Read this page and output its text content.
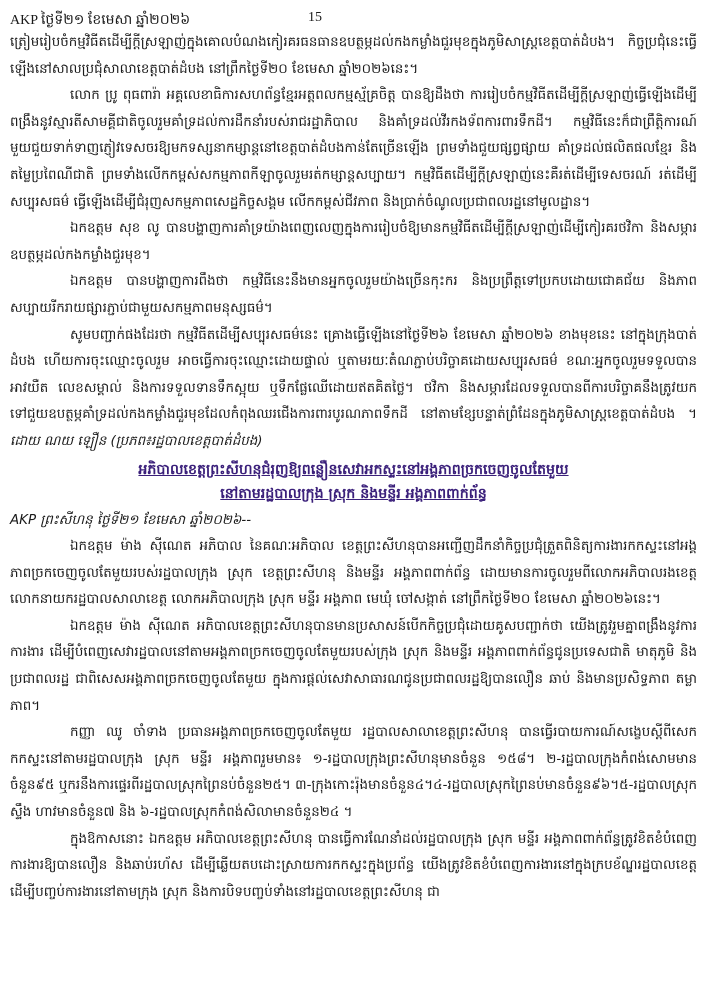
AKP ថ្ងៃទី២១ ខែមេសា ឆ្នាំ២០២៦	15

ត្រៀមរៀបចំកម្មវិធីតដេីម្បីក្ដីស្រឡាញ់ក្នុងគោលបំណងកៀរគរធនធានឧបត្ថម្ភដល់កងកម្លាំងជួរមុខក្នុងភូមិសាស្ត្រខេត្តបាត់ដំបង។ កិច្ចប្រជុំនេះធ្វើឡើងនៅសាលប្រជុំសាលាខេត្តបាត់ដំបង នៅព្រឹកថ្ងៃទី២០ ខែមេសា ឆ្នាំ២០២៦នេះ។

លោក ប្រូ ពុធពារ៉ា អគ្គលេខាធិការសហព័ន្ធខ្មែរអត្តពលកម្មស្ម័គ្រចិត្ត បានឱ្យដឹងថា ការរៀបចំកម្មវិធីតដើម្បីក្ដីស្រឡាញ់ធ្វើឡើងដើម្បីពង្រឹងនូវស្មារតីសាមគ្គីជាតិចូលរួមគាំទ្រដល់ការដឹកនាំរបស់រាជរដ្ឋាភិបាល និងគាំទ្រដល់វីរកងទ័ពការពារទឹកដី។ កម្មវិធីនេះក៏ជាព្រឹត្តិការណ៍មួយជួយទាក់ទាញភ្ញៀវទេសចរឱ្យមកទស្សនាកម្សាន្តនៅខេត្តបាត់ដំបងកាន់តែច្រើនឡើង ព្រមទាំងជួយផ្សព្វផ្សាយ គាំទ្រដល់ផលិតផលខ្មែរ និងតម្លៃប្រពៃណីជាតិ ព្រមទាំងលើកកម្ពស់សកម្មភាពកីឡាចូលរួមរត់កម្សាន្តសប្បាយ។ កម្មវិធីតដើម្បីក្ដីស្រឡាញ់នេះគឺរត់ដើម្បីទេសចរណ៍ រត់ដើម្បីសប្បុរសធម៌ ធ្វើឡើងដើម្បីជំរុញសកម្មភាពសេដ្ឋកិច្ចសង្គម លើកកម្ពស់ជីវភាព និងប្រាក់ចំណូលប្រជាពលរដ្ឋនៅមូលដ្ឋាន។

ឯកឧត្តម សុខ លូ បានបង្ហាញការគាំទ្រយ៉ាងពេញលេញក្នុងការរៀបចំឱ្យមានកម្មវិធីតដើម្បីក្ដីស្រឡាញ់ដើម្បីកៀរគរថវិកា និងសម្ភារឧបត្ថម្ភដល់កងកម្លាំងជួរមុខ។

ឯកឧត្តម បានបង្ហាញការពឹងថា កម្មវិធីនេះនឹងមានអ្នកចូលរួមយ៉ាងច្រើនកុះករ និងប្រព្រឹត្តទៅប្រកបដោយជោគជ័យ និងភាពសប្បាយរីករាយផ្សារភ្ជាប់ជាមួយសកម្មភាពមនុស្សធម៌។

សូមបញ្ជាក់ផងដែរថា កម្មវិធីតដើម្បីសប្បុរសធម៌នេះ គ្រោងធ្វើឡើងនៅថ្ងៃទី២៦ ខែមេសា ឆ្នាំ២០២៦ ខាងមុខនេះ នៅក្នុងក្រុងបាត់ដំបង ហើយការចុះឈ្មោះចូលរួម អាចធ្វើការចុះឈ្មោះដោយផ្ទាល់ ឬតាមរយៈតំណភ្ជាប់បរិច្ចាគដោយសប្បុរសធម៌ ខណៈអ្នកចូលរួមទទួលបានអាវយឺត លេខសម្គាល់ និងការទទួលទានទឹកស្អុយ ឬទឹកផ្លែឈើដោយឥតគិតថ្លៃ។ ថវិកា និងសម្ភារដែលទទួលបានពីការបរិច្ចាគនឹងត្រូវយកទៅជួយឧបត្ថម្ភគាំទ្រដល់កងកម្លាំងជួរមុខដែលកំពុងឈរជើងការពារបូរណភាពទឹកដី នៅតាមខ្សែបន្ទាត់ព្រំដែនក្នុងភូមិសាស្ត្រខេត្តបាត់ដំបង ។ ដោយ ណយ ឡឿន (ប្រភព៖រដ្ឋបាលខេត្តបាត់ដំបង)

អភិបាលខេត្តព្រះសីហនុជំរុញឱ្យពន្លឿនសេវាអកស្ទះនៅអង្គភាពច្រកចេញចូលតែមួយ
នៅតាមរដ្ឋបាលក្រុង ស្រុក និងមន្ទីរ អង្គភាពពាក់ព័ន្ធ

AKP ព្រះសីហនុ ថ្ងៃទី២១ ខែមេសា ឆ្នាំ២០២៦--

ឯកឧត្តម ម៉ាង ស៊ីណេត អភិបាល នៃគណៈអភិបាល ខេត្តព្រះសីហនុបានអញ្ជើញដឹកនាំកិច្ចប្រជុំត្រួតពិនិត្យការងារកកស្ទះនៅអង្គភាពច្រកចេញចូលតែមួយរបស់រដ្ឋបាលក្រុង ស្រុក ខេត្តព្រះសីហនុ និងមន្ទីរ អង្គភាពពាក់ព័ន្ធ ដោយមានការចូលរួមពីលោកអភិបាលរងខេត្ត លោកនាយករដ្ឋបាលសាលាខេត្ត លោកអភិបាលក្រុង ស្រុក មន្ទីរ អង្គភាព មេឃុំ ចៅសង្កាត់ នៅព្រឹកថ្ងៃទី២០ ខែមេសា ឆ្នាំ២០២៦នេះ។

ឯកឧត្តម ម៉ាង ស៊ីណេត អភិបាលខេត្តព្រះសីហនុបានមានប្រសាសន៍បើកកិច្ចប្រជុំដោយគូសបញ្ជាក់ថា យើងត្រូវរួមគ្នាពង្រឹងនូវការការងារ ដើម្បីបំពេញសេវារដ្ឋបាលនៅតាមអង្គភាពច្រកចេញចូលតែមួយរបស់ក្រុង ស្រុក និងមន្ទីរ អង្គភាពពាក់ព័ន្ធជូនប្រទេសជាតិ មាតុភូមិ និងប្រជាពលរដ្ឋ ជាពិសេសអង្គភាពច្រកចេញចូលតែមួយ ក្នុងការផ្ដល់សេវាសាធារណជូនប្រជាពលរដ្ឋឱ្យបានលឿន ឆាប់ និងមានប្រសិទ្ធភាព តម្លាភាព។

កញ្ញា ឈូ ចាំទាង ប្រធានអង្គភាពច្រកចេញចូលតែមួយ រដ្ឋបាលសាលាខេត្តព្រះសីហនុ បានធ្វើរបាយការណ៍សង្ខេបស្ដីពីសេកកកស្ទះនៅតាមរដ្ឋបាលក្រុង ស្រុក មន្ទីរ អង្គភាពរួមមាន៖ ១-រដ្ឋបាលក្រុងព្រះសីហនុមានចំនួន ១៥៨។ ២-រដ្ឋបាលក្រុងកំពង់សោមមានចំនួន៩៥ ឬករនឹងការផ្ទេរពីរដ្ឋបាលស្រុកព្រៃនប់ចំនួន២៥។ ៣-ក្រុងកោះរ៉ុងមានចំនួន៤។៤-រដ្ឋបាលស្រុកព្រៃនប់មានចំនួន៩៦។៥-រដ្ឋបាលស្រុកស្ទឹង ហាវមានចំនួន៧ និង ៦-រដ្ឋបាលស្រុកកំពង់សិលាមានចំនួន២៤ ។

ក្នុងឱកាសនោះ ឯកឧត្តម អភិបាលខេត្តព្រះសីហនុ បានធ្វើការណែនាំដល់រដ្ឋបាលក្រុង ស្រុក មន្ទីរ អង្គភាពពាក់ព័ន្ធត្រូវខិតខំបំពេញការងារឱ្យបានលឿន និងឆាប់រហ័ស ដើម្បីឆ្លើយតបដោះស្រាយការកកស្ទះក្នុងប្រព័ន្ធ យើងត្រូវខិតខំបំពេញការងារនៅក្នុងក្របខ័ណ្ឌរដ្ឋបាលខេត្ត ដើម្បីបញ្ចប់ការងារនៅតាមក្រុង ស្រុក និងការបិទបញ្ចប់ទាំងនៅរដ្ឋបាលខេត្តព្រះសីហនុ ជា
